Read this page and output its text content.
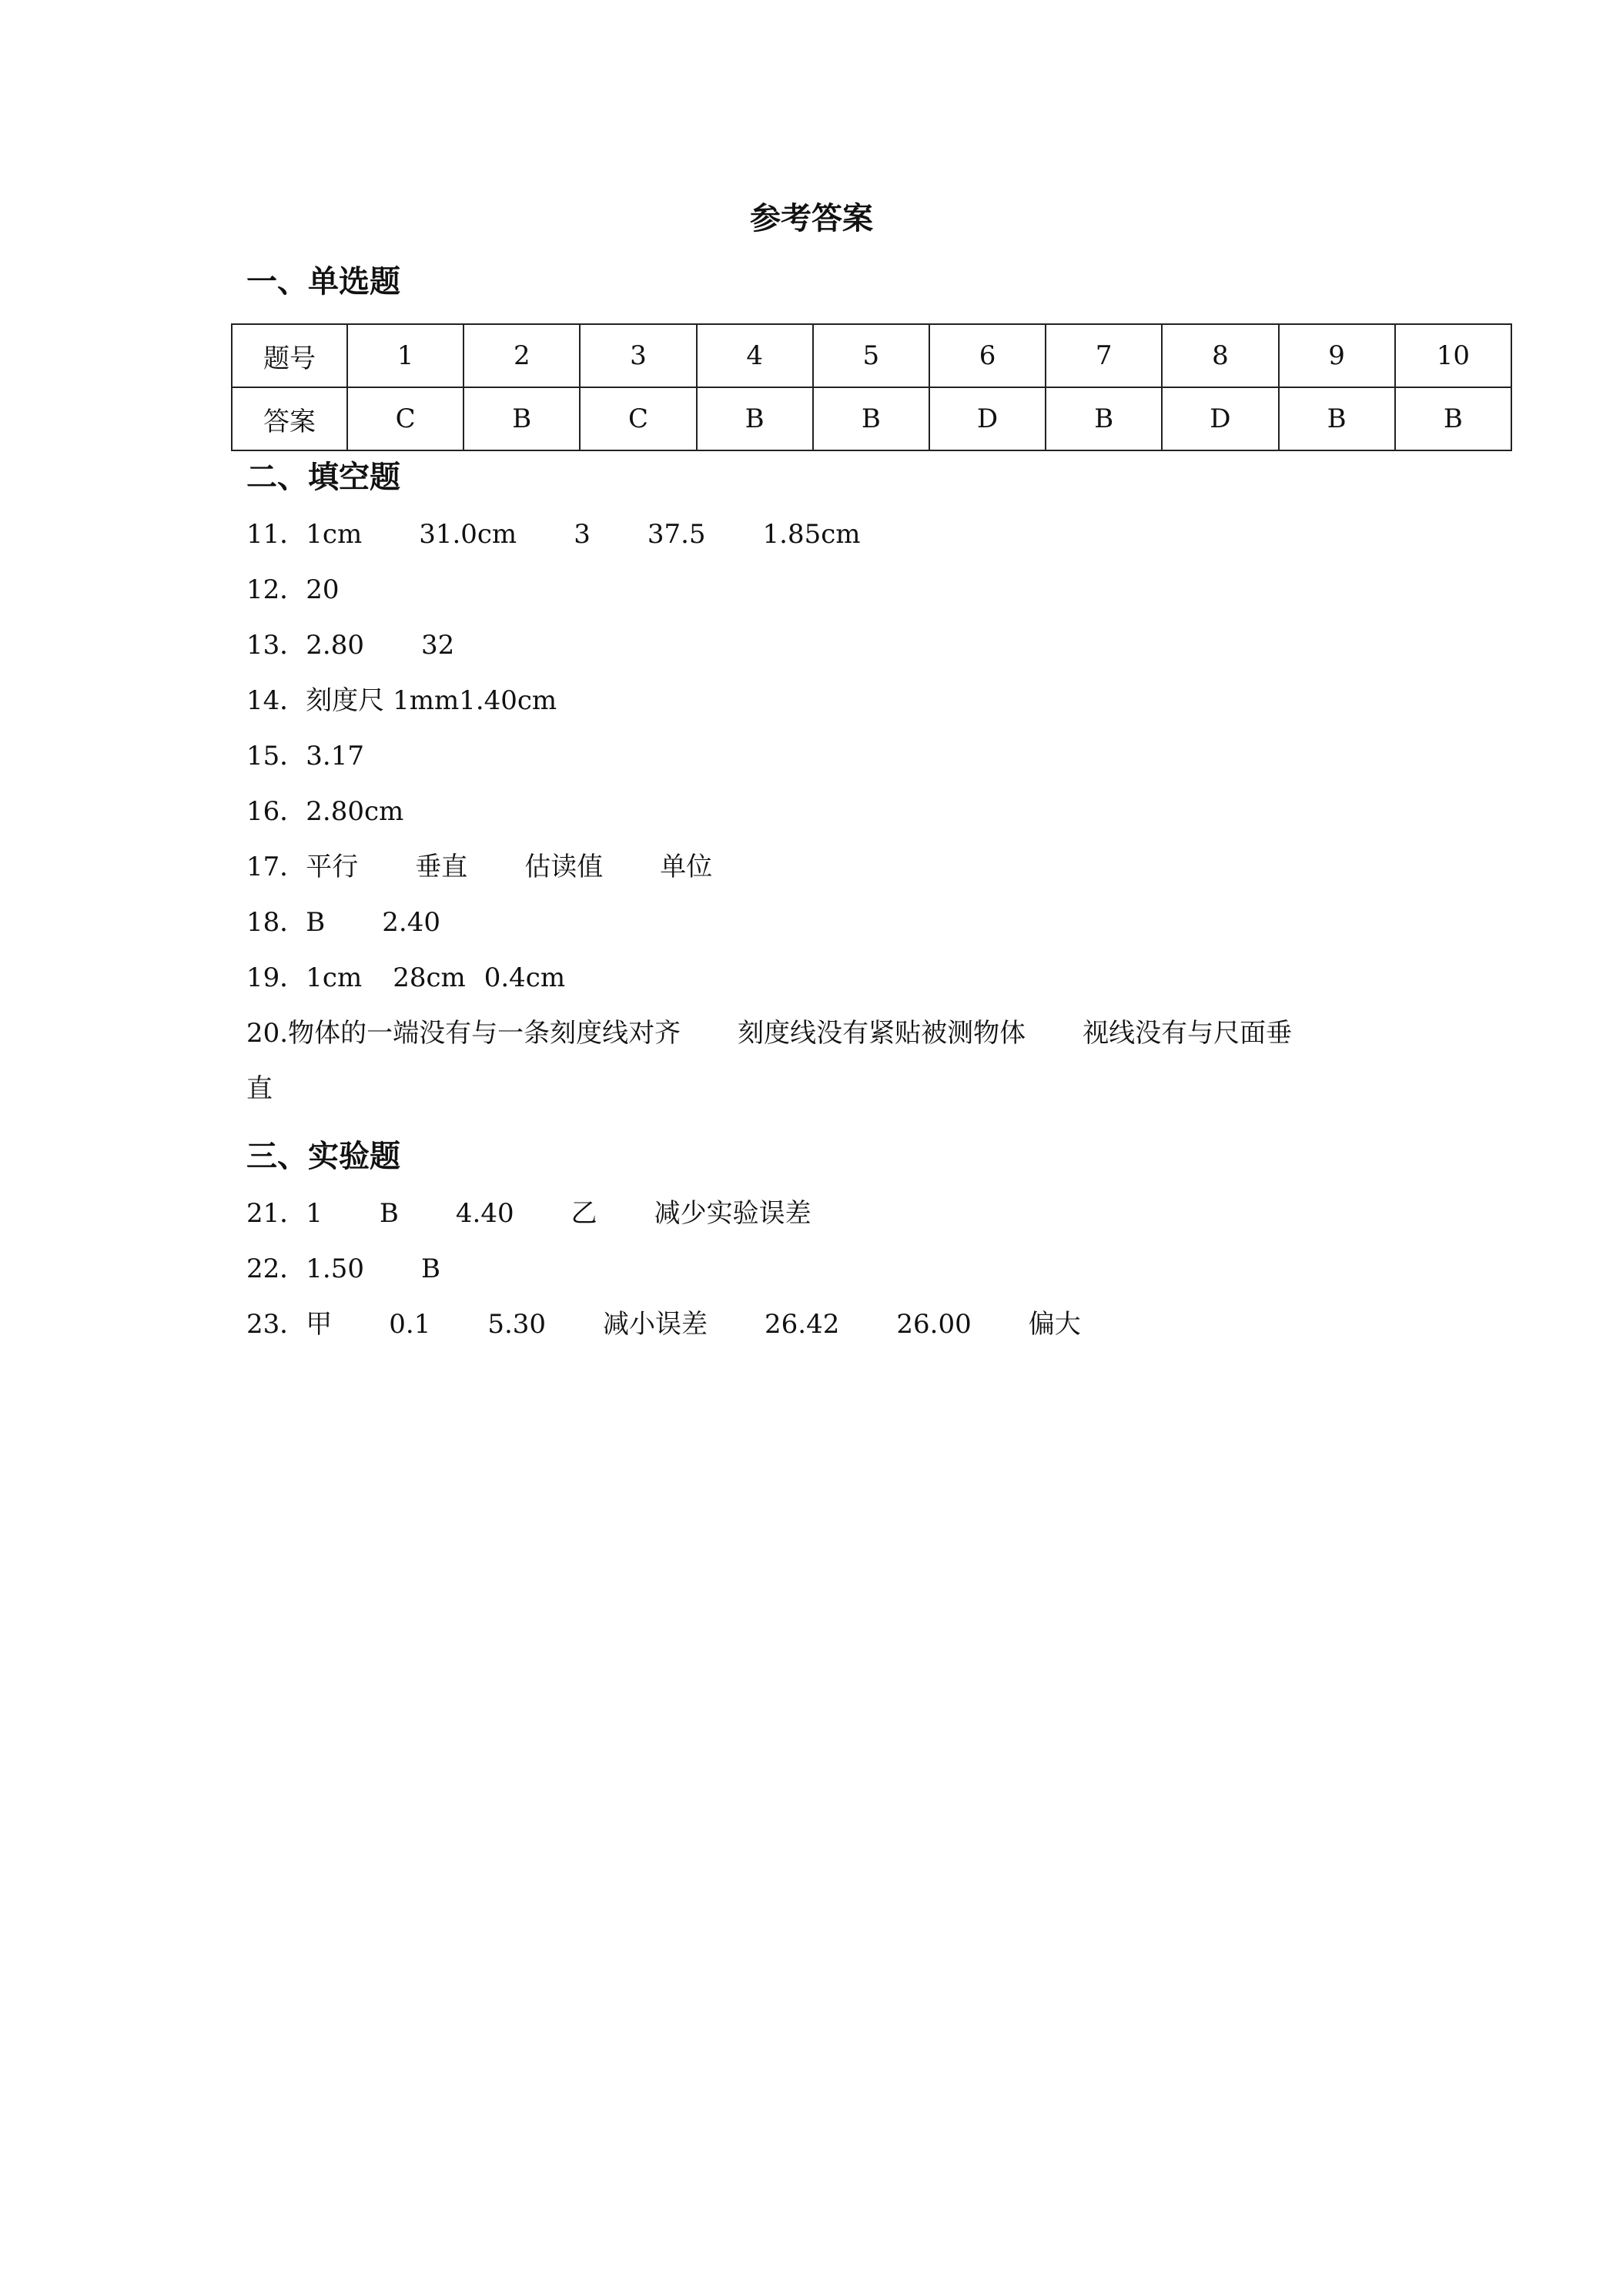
参考答案
一、单选题
题号	1	2	3	4	5	6	7	8	9	10
答案	C	B	C	B	B	D	B	D	B	B
二、填空题
11．1cm 31.0cm 3 37.5 1.85cm
12．20
13．2.80 32
14．刻度尺 1mm1.40cm
15．3.17
16．2.80cm
17．平行 垂直 估读值 单位
18．B 2.40
19．1cm 28cm 0.4cm
20.物体的一端没有与一条刻度线对齐 刻度线没有紧贴被测物体 视线没有与尺面垂
直
三、实验题
21．1 B 4.40 乙 减少实验误差
22．1.50 B
23．甲 0.1 5.30 减小误差 26.42 26.00 偏大
